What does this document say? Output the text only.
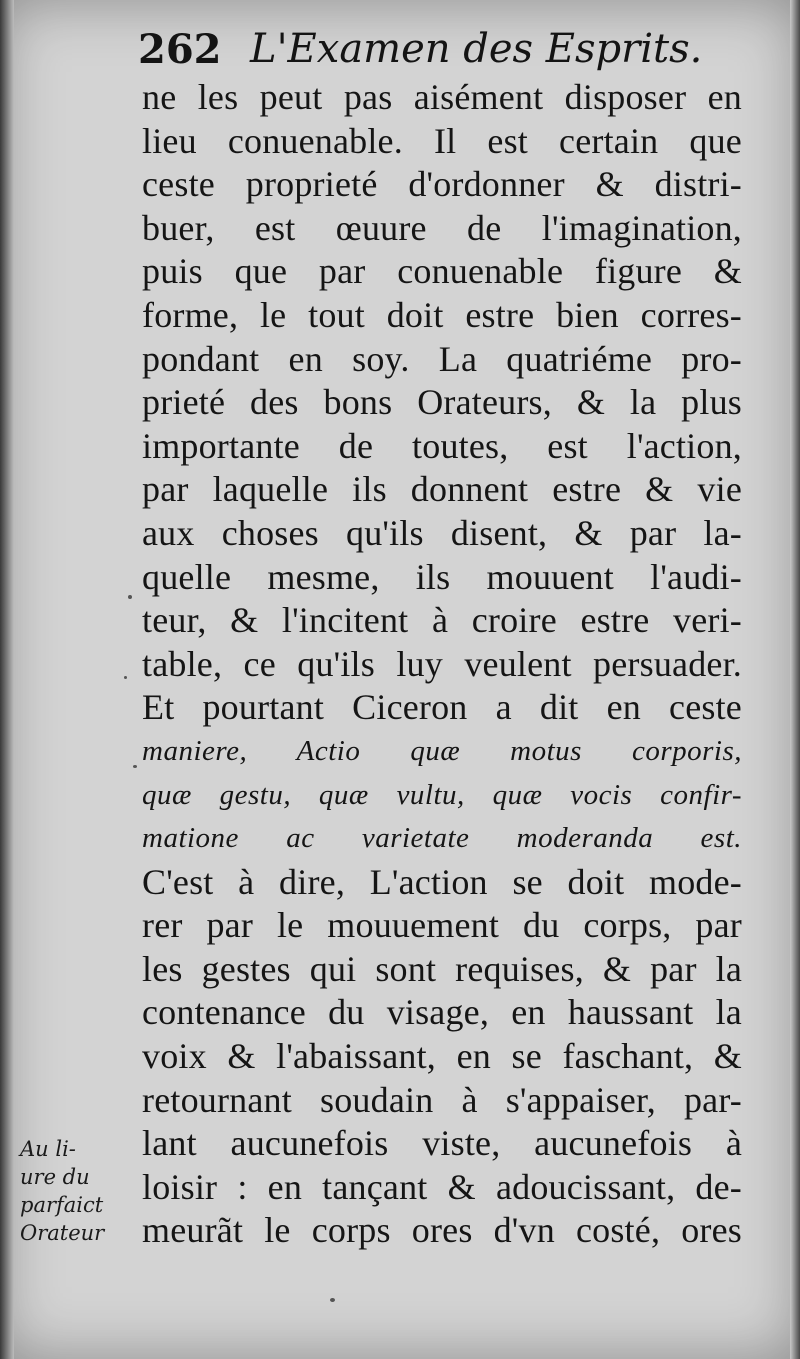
262 L'Examen des Esprits.
ne les peut pas aisément disposer en
lieu conuenable. Il est certain que
ceste proprieté d'ordonner & distri-
buer, est œuure de l'imagination,
puis que par conuenable figure &
forme, le tout doit estre bien corres-
pondant en soy. La quatriéme pro-
prieté des bons Orateurs, & la plus
importante de toutes, est l'action,
par laquelle ils donnent estre & vie
aux choses qu'ils disent, & par la-
quelle mesme, ils mouuent l'audi-
teur, & l'incitent à croire estre veri-
table, ce qu'ils luy veulent persuader.
Et pourtant Ciceron a dit en ceste
maniere, Actio quæ motus corporis,
quæ gestu, quæ vultu, quæ vocis confir-
matione ac varietate moderanda est.
C'est à dire, L'action se doit mode-
rer par le mouuement du corps, par
les gestes qui sont requises, & par la
contenance du visage, en haussant la
voix & l'abaissant, en se faschant, &
retournant soudain à s'appaiser, par-
lant aucunefois viste, aucunefois à
loisir : en tançant & adoucissant, de-
meurãt le corps ores d'vn costé, ores
Au li-
ure du
parfaict
Orateur
